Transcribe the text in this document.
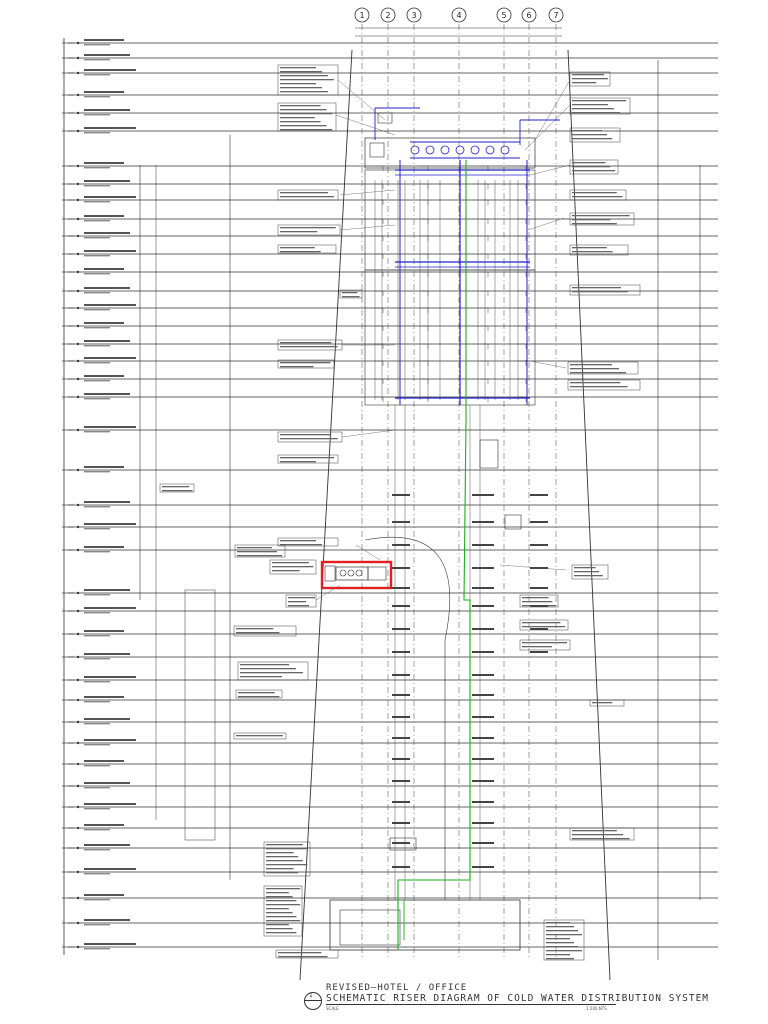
1	2	3	4	5 6	7
1
REVISED—HOTEL / OFFICE
SCHEMATIC RISER DIAGRAM OF COLD WATER DISTRIBUTION SYSTEM
SCALE	1:200 NTS
